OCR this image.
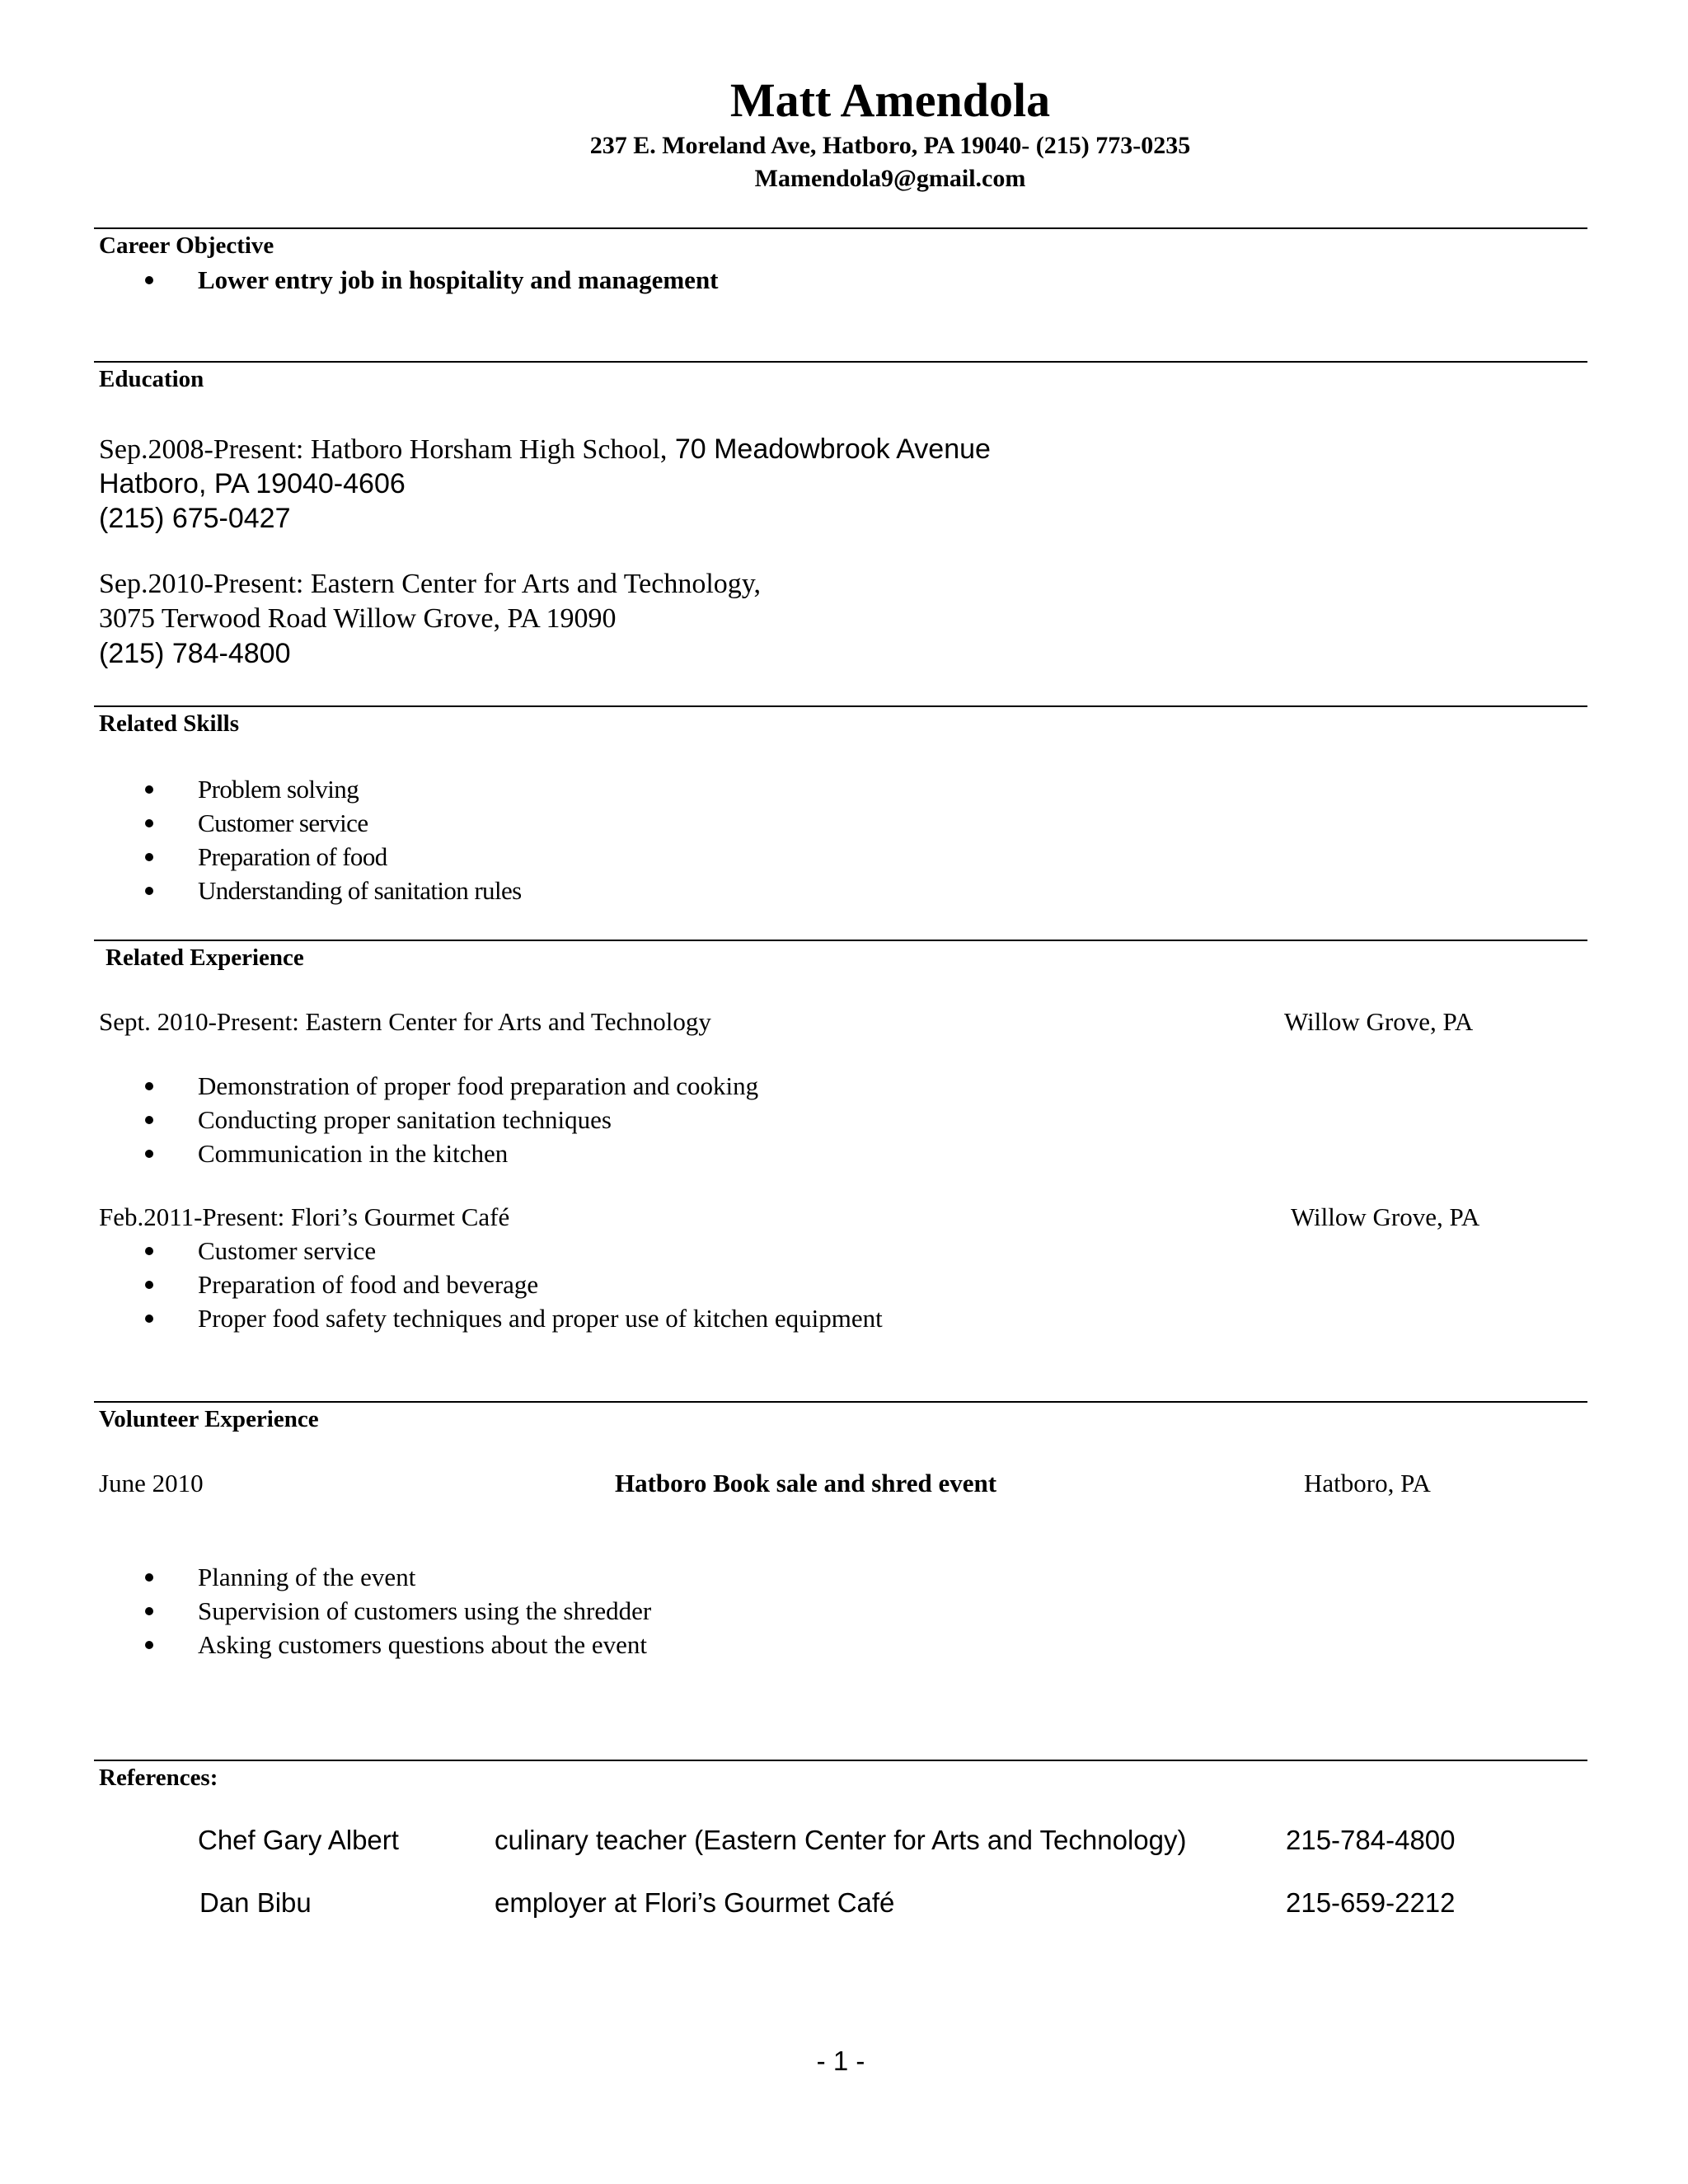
Matt Amendola
237 E. Moreland Ave, Hatboro, PA 19040- (215) 773-0235
Mamendola9@gmail.com
Career Objective
Lower entry job in hospitality and management
Education
Sep.2008-Present: Hatboro Horsham High School, 70 Meadowbrook Avenue
Hatboro, PA 19040-4606
(215) 675-0427
Sep.2010-Present: Eastern Center for Arts and Technology,
3075 Terwood Road Willow Grove, PA 19090
(215) 784-4800
Related Skills
Problem solving
Customer service
Preparation of food
Understanding of sanitation rules
Related Experience
Sept. 2010-Present: Eastern Center for Arts and Technology	Willow Grove, PA
Demonstration of proper food preparation and cooking
Conducting proper sanitation techniques
Communication in the kitchen
Feb.2011-Present: Flori’s Gourmet Café	Willow Grove, PA
Customer service
Preparation of food and beverage
Proper food safety techniques and proper use of kitchen equipment
Volunteer Experience
June 2010	Hatboro Book sale and shred event	Hatboro, PA
Planning of the event
Supervision of customers using the shredder
Asking customers questions about the event
References:
Chef Gary Albert	culinary teacher (Eastern Center for Arts and Technology)	215-784-4800
Dan Bibu	employer at Flori’s Gourmet Café	215-659-2212
- 1 -
